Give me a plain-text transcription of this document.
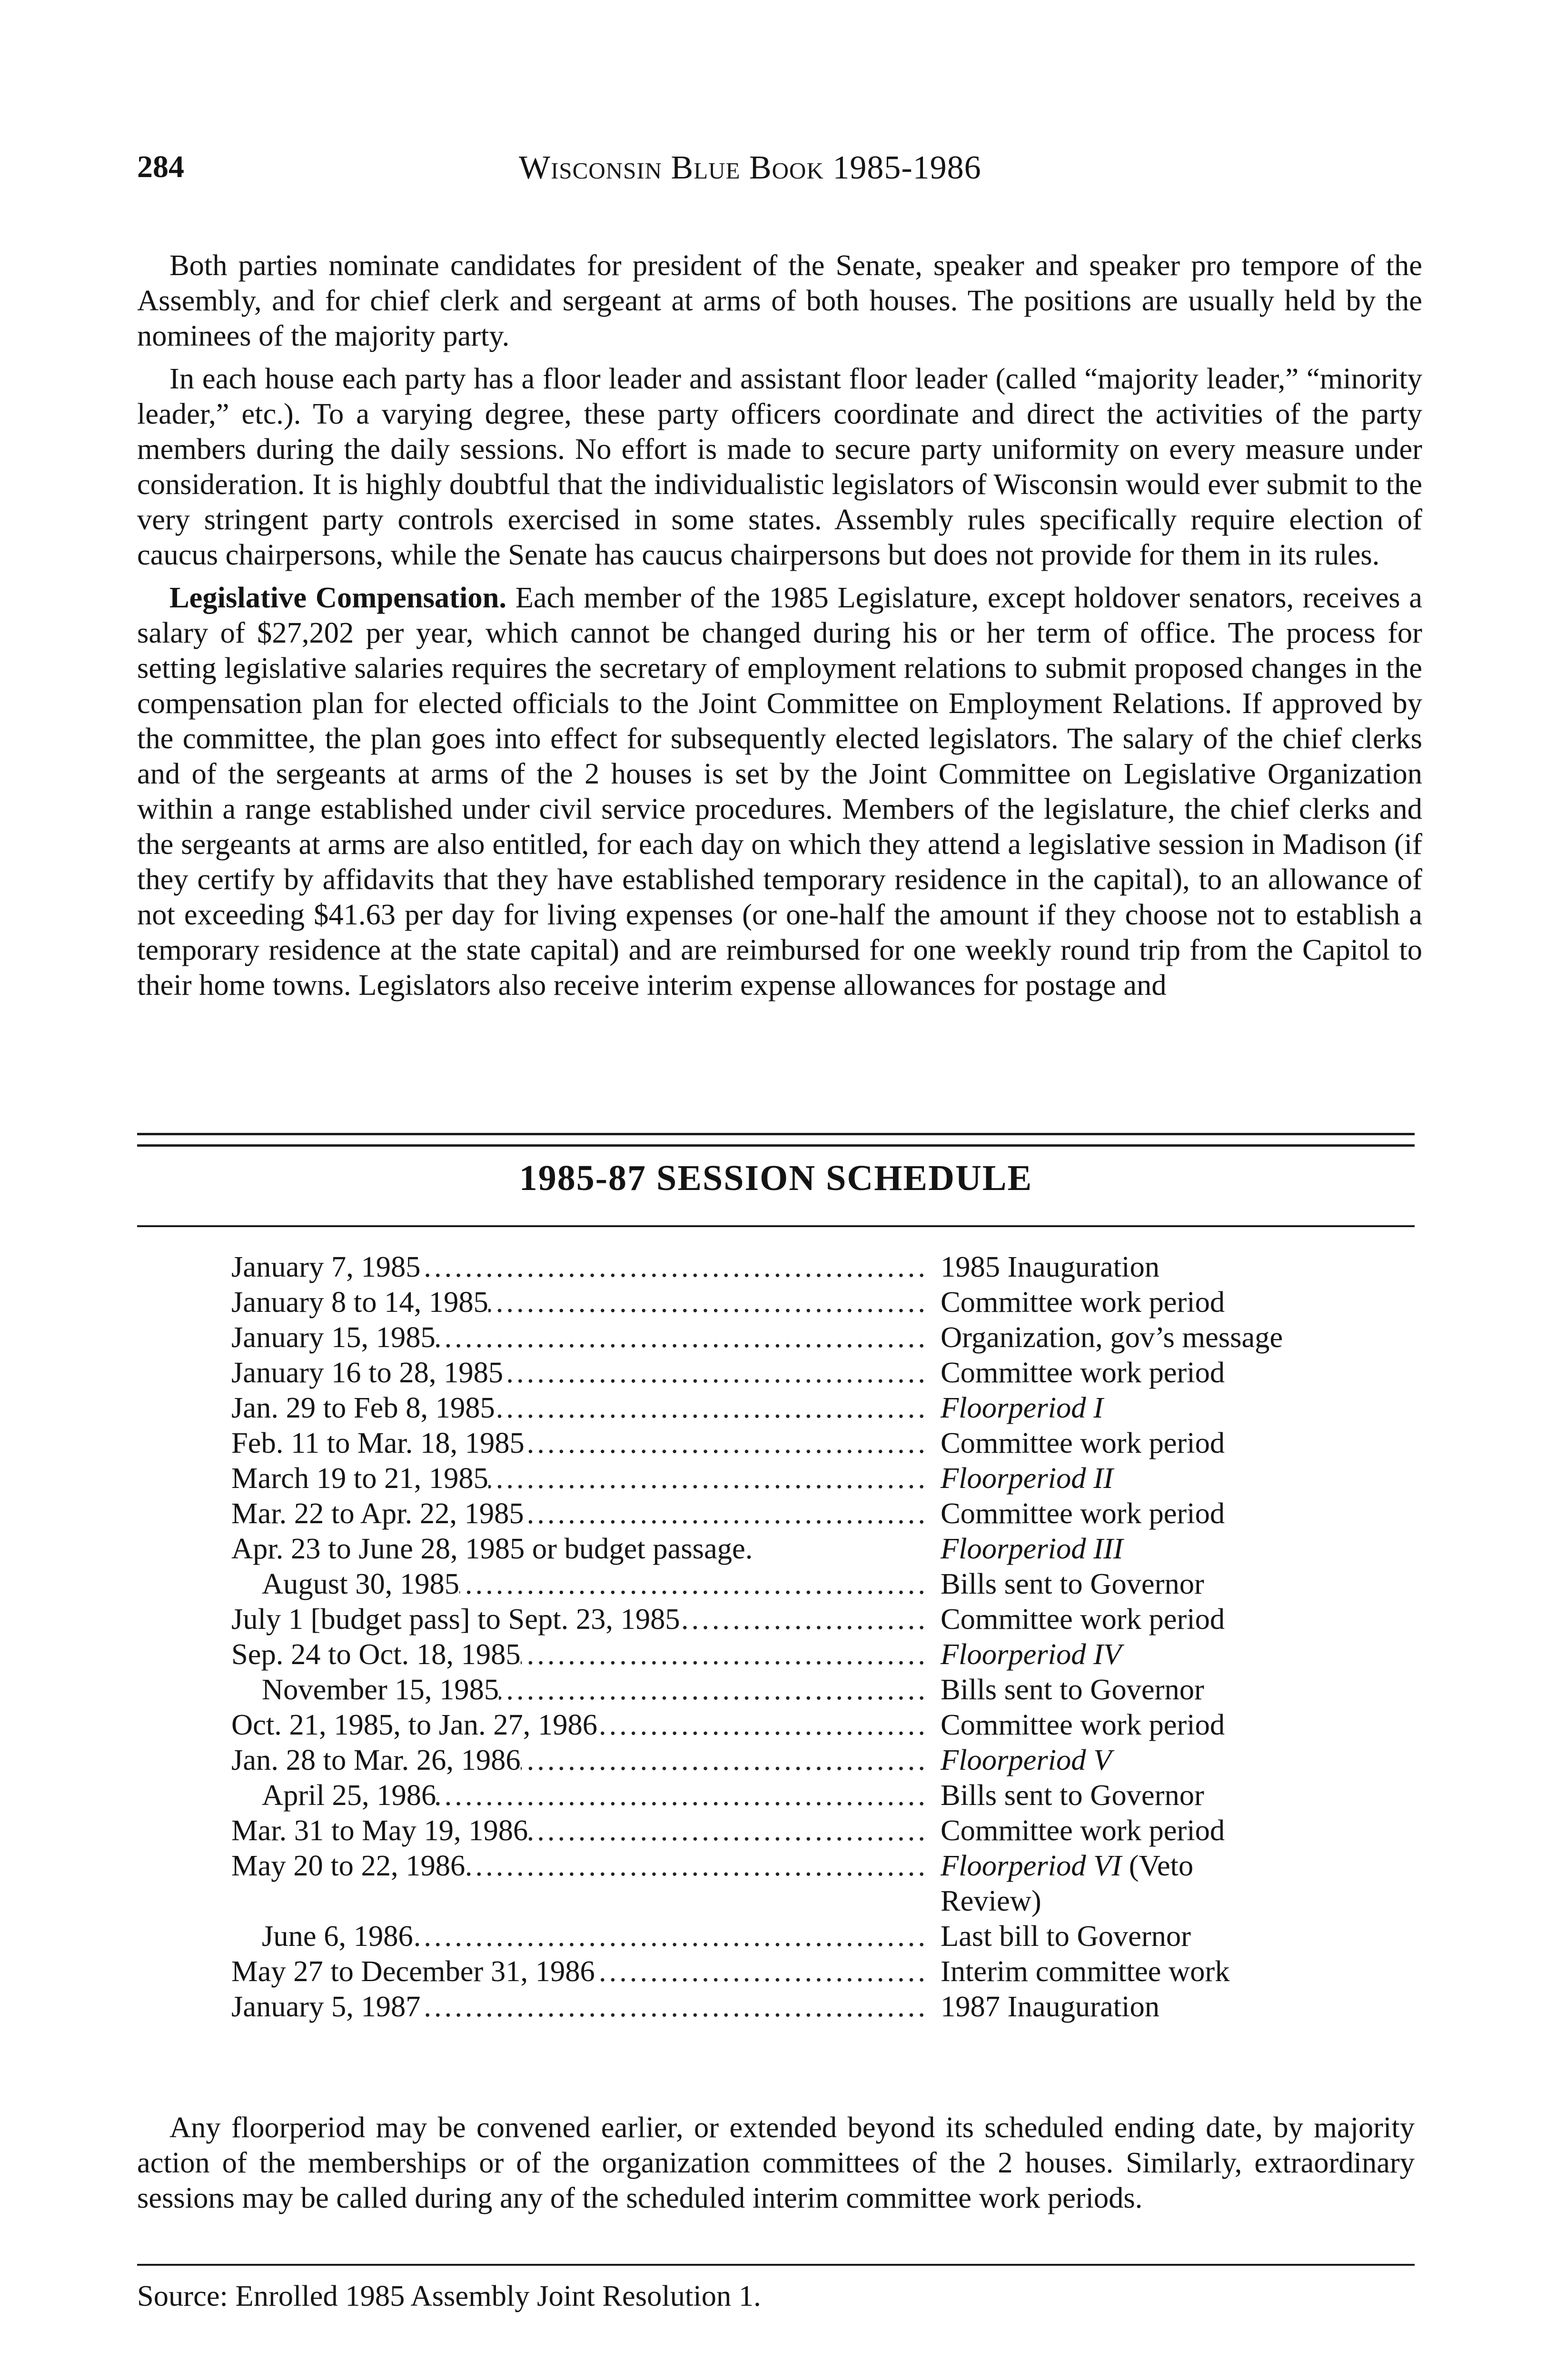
284	Wisconsin Blue Book 1985-1986

Both parties nominate candidates for president of the Senate, speaker and speaker pro tempore of the Assembly, and for chief clerk and sergeant at arms of both houses. The positions are usually held by the nominees of the majority party.

In each house each party has a floor leader and assistant floor leader (called “majority leader,” “minority leader,” etc.). To a varying degree, these party officers coordinate and direct the activities of the party members during the daily sessions. No effort is made to secure party uniformity on every measure under consideration. It is highly doubtful that the individualistic legislators of Wisconsin would ever submit to the very stringent party controls exercised in some states. Assembly rules specifically require election of caucus chairpersons, while the Senate has caucus chairpersons but does not provide for them in its rules.

Legislative Compensation. Each member of the 1985 Legislature, except holdover senators, receives a salary of $27,202 per year, which cannot be changed during his or her term of office. The process for setting legislative salaries requires the secretary of employment relations to submit proposed changes in the compensation plan for elected officials to the Joint Committee on Employment Relations. If approved by the committee, the plan goes into effect for subsequently elected legislators. The salary of the chief clerks and of the sergeants at arms of the 2 houses is set by the Joint Committee on Legislative Organization within a range established under civil service procedures. Members of the legislature, the chief clerks and the sergeants at arms are also entitled, for each day on which they attend a legislative session in Madison (if they certify by affidavits that they have established temporary residence in the capital), to an allowance of not exceeding $41.63 per day for living expenses (or one-half the amount if they choose not to establish a temporary residence at the state capital) and are reimbursed for one weekly round trip from the Capitol to their home towns. Legislators also receive interim expense allowances for postage and

1985-87 SESSION SCHEDULE
January 7, 1985 .....	1985 Inauguration
January 8 to 14, 1985 .....	Committee work period
January 15, 1985 .....	Organization, gov’s message
January 16 to 28, 1985 .....	Committee work period
Jan. 29 to Feb 8, 1985 .....	Floorperiod I
Feb. 11 to Mar. 18, 1985 .....	Committee work period
March 19 to 21, 1985 .....	Floorperiod II
Mar. 22 to Apr. 22, 1985 .....	Committee work period
Apr. 23 to June 28, 1985 or budget passage.	Floorperiod III
August 30, 1985 .....	Bills sent to Governor
July 1 [budget pass] to Sept. 23, 1985 .....	Committee work period
Sep. 24 to Oct. 18, 1985 .....	Floorperiod IV
November 15, 1985 .....	Bills sent to Governor
Oct. 21, 1985, to Jan. 27, 1986 .....	Committee work period
Jan. 28 to Mar. 26, 1986 .....	Floorperiod V
April 25, 1986 .....	Bills sent to Governor
Mar. 31 to May 19, 1986 .....	Committee work period
May 20 to 22, 1986 .....	Floorperiod VI (Veto Review)
June 6, 1986 .....	Last bill to Governor
May 27 to December 31, 1986 .....	Interim committee work
January 5, 1987 .....	1987 Inauguration
Any floorperiod may be convened earlier, or extended beyond its scheduled ending date, by majority action of the memberships or of the organization committees of the 2 houses. Similarly, extraordinary sessions may be called during any of the scheduled interim committee work periods.
Source: Enrolled 1985 Assembly Joint Resolution 1.
